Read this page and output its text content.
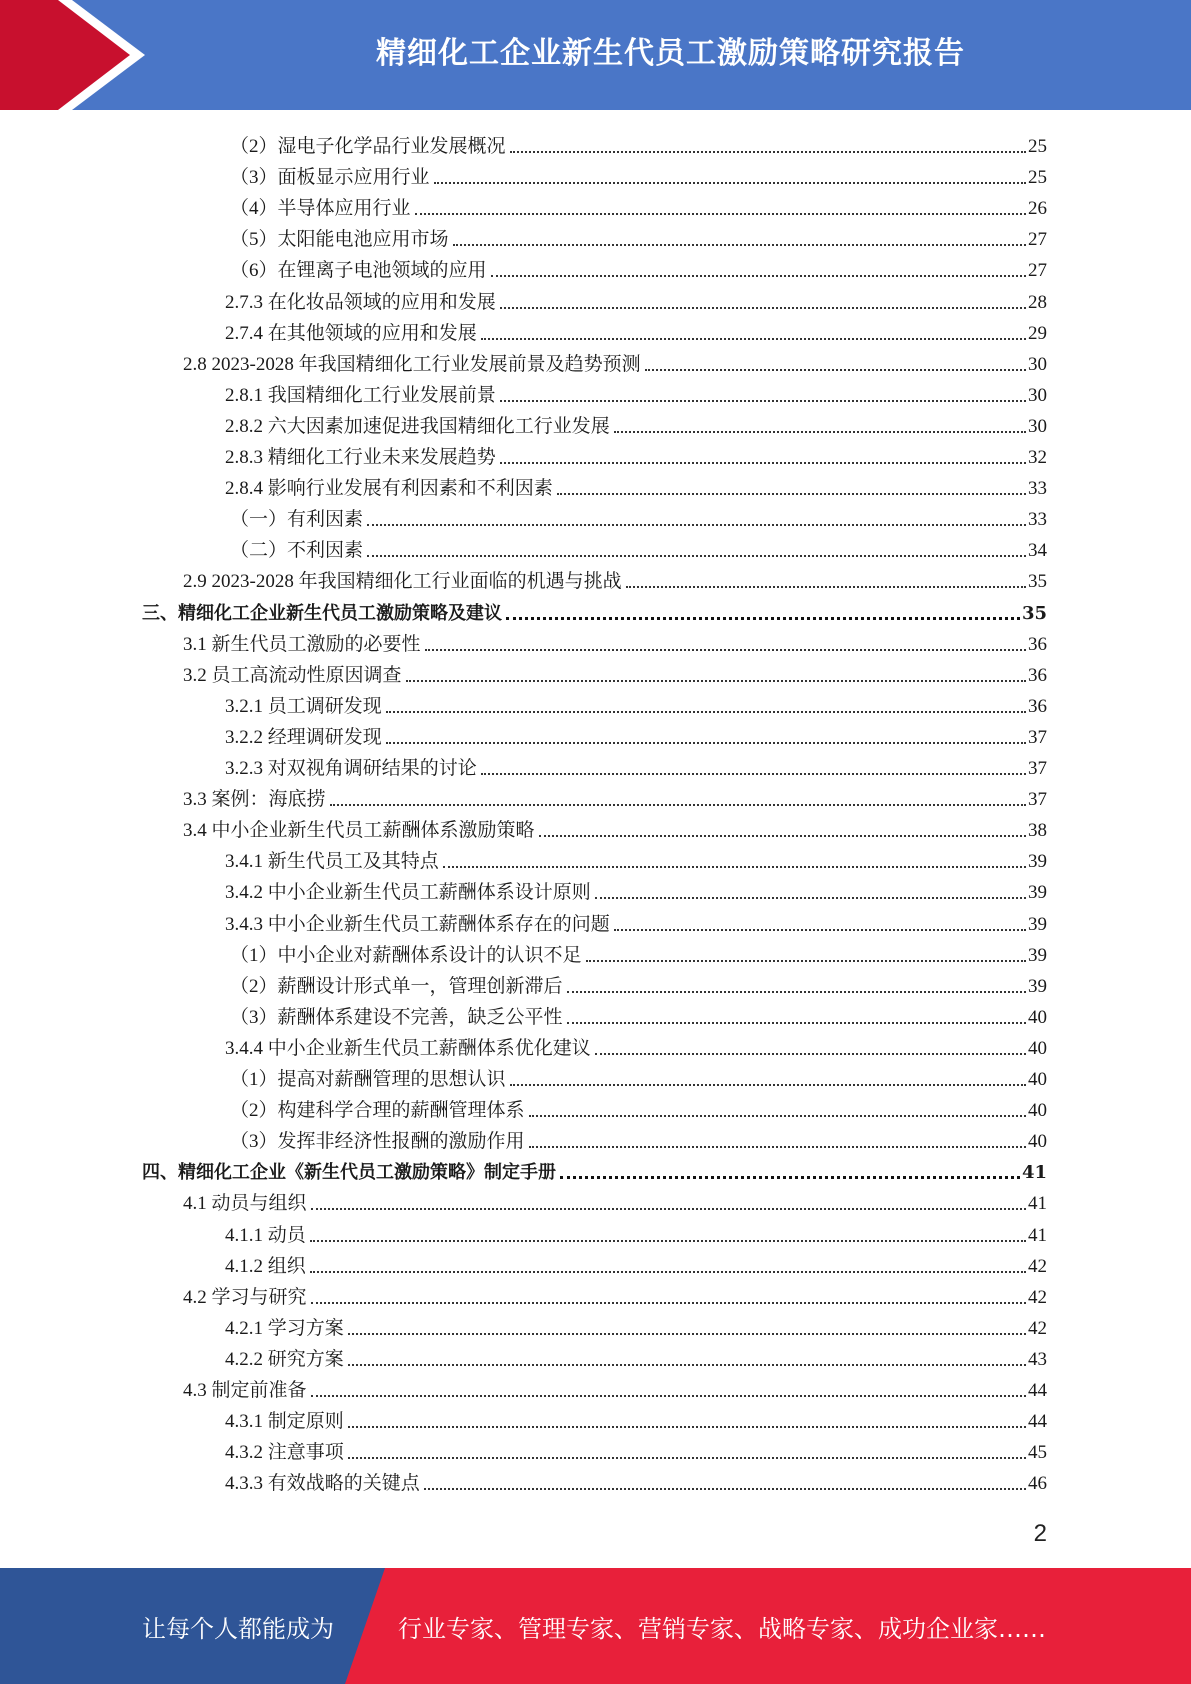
精细化工企业新生代员工激励策略研究报告
（2）湿电子化学品行业发展概况	25
（3）面板显示应用行业	25
（4）半导体应用行业	26
（5）太阳能电池应用市场	27
（6）在锂离子电池领域的应用	27
2.7.3 在化妆品领域的应用和发展	28
2.7.4 在其他领域的应用和发展	29
2.8 2023-2028 年我国精细化工行业发展前景及趋势预测	30
2.8.1 我国精细化工行业发展前景	30
2.8.2 六大因素加速促进我国精细化工行业发展	30
2.8.3 精细化工行业未来发展趋势	32
2.8.4 影响行业发展有利因素和不利因素	33
（一）有利因素	33
（二）不利因素	34
2.9 2023-2028 年我国精细化工行业面临的机遇与挑战	35
三、精细化工企业新生代员工激励策略及建议	35
3.1 新生代员工激励的必要性	36
3.2 员工高流动性原因调查	36
3.2.1 员工调研发现	36
3.2.2 经理调研发现	37
3.2.3 对双视角调研结果的讨论	37
3.3 案例：海底捞	37
3.4 中小企业新生代员工薪酬体系激励策略	38
3.4.1 新生代员工及其特点	39
3.4.2 中小企业新生代员工薪酬体系设计原则	39
3.4.3 中小企业新生代员工薪酬体系存在的问题	39
（1）中小企业对薪酬体系设计的认识不足	39
（2）薪酬设计形式单一，管理创新滞后	39
（3）薪酬体系建设不完善，缺乏公平性	40
3.4.4 中小企业新生代员工薪酬体系优化建议	40
（1）提高对薪酬管理的思想认识	40
（2）构建科学合理的薪酬管理体系	40
（3）发挥非经济性报酬的激励作用	40
四、精细化工企业《新生代员工激励策略》制定手册	41
4.1 动员与组织	41
4.1.1 动员	41
4.1.2 组织	42
4.2 学习与研究	42
4.2.1 学习方案	42
4.2.2 研究方案	43
4.3 制定前准备	44
4.3.1 制定原则	44
4.3.2 注意事项	45
4.3.3 有效战略的关键点	46
2
让每个人都能成为	行业专家、管理专家、营销专家、战略专家、成功企业家……
